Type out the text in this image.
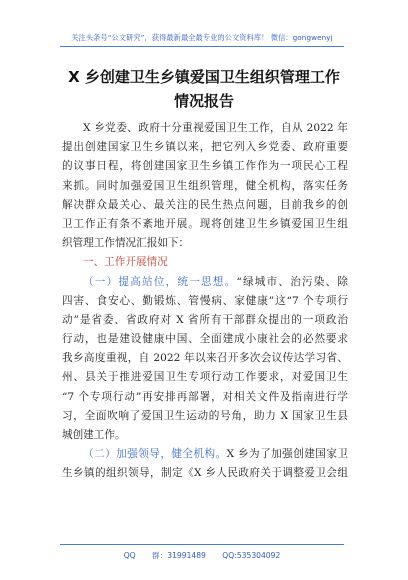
关注头条号“公文研究”，获得最新最全最专业的公文资料库！ 微信：gongwenyj
X 乡创建卫生乡镇爱国卫生组织管理工作
情况报告
X 乡党委、政府十分重视爱国卫生工作，自从 2022 年
提出创建国家卫生乡镇以来，把它列入乡党委、政府重要
的议事日程，将创建国家卫生乡镇工作作为一项民心工程
来抓。同时加强爱国卫生组织管理，健全机构，落实任务
解决群众最关心、最关注的民生热点问题，目前我乡的创
卫工作正有条不紊地开展。现将创建卫生乡镇爱国卫生组
织管理工作情况汇报如下：
一、工作开展情况
（一）提高站位，统一思想。“绿城市、治污染、除
四害、食安心、勤锻炼、管慢病、家健康”这“7 个专项行
动”是省委、省政府对 X 省所有干部群众提出的一项政治
行动，也是建设健康中国、全面建成小康社会的必然要求
我乡高度重视，自 2022 年以来召开多次会议传达学习省、
州、县关于推进爱国卫生专项行动工作要求，对爱国卫生
“7 个专项行动”再安排再部署，对相关文件及指南进行学
习，全面吹响了爱国卫生运动的号角，助力 X 国家卫生县
城创建工作。
（二）加强领导，健全机构。X 乡为了加强创建国家卫
生乡镇的组织领导，制定《X 乡人民政府关于调整爱卫会组
QQ 群：31991489 QQ:535304092
